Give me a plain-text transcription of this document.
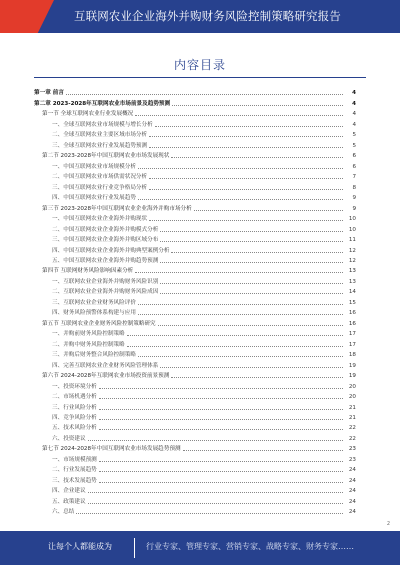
互联网农业企业海外并购财务风险控制策略研究报告
内容目录
第一章 前言	4
第二章 2023-2028年互联网农业市场前景及趋势预测	4
第一节 全球互联网农业行业发展概况	4
一、全球互联网农业市场规模与增长分析	4
二、全球互联网农业主要区域市场分析	5
三、全球互联网农业行业发展趋势预测	5
第二节 2023-2028年中国互联网农业市场发展现状	6
一、中国互联网农业市场规模分析	6
二、中国互联网农业市场供需状况分析	7
三、中国互联网农业行业竞争格局分析	8
四、中国互联网农业行业发展趋势	9
第三节 2023-2028年中国互联网农业企业海外并购市场分析	9
一、中国互联网农业企业海外并购现状	10
二、中国互联网农业企业海外并购模式分析	10
三、中国互联网农业企业海外并购区域分布	11
四、中国互联网农业企业海外并购典型案例分析	12
五、中国互联网农业企业海外并购趋势预测	12
第四节 互联网财务风险影响因素分析	13
一、互联网农业企业海外并购财务风险识别	13
二、互联网农业企业海外并购财务风险成因	14
三、互联网农业企业财务风险评价	15
四、财务风险预警体系构建与应用	16
第五节 互联网农业企业财务风险控制策略研究	16
一、并购前财务风险控制策略	17
二、并购中财务风险控制策略	17
三、并购后财务整合风险控制策略	18
四、完善互联网农业企业财务风险管理体系	19
第六节 2024-2028年互联网农业市场投资前景预测	19
一、投资环境分析	20
二、市场机遇分析	20
三、行业风险分析	21
四、竞争风险分析	21
五、技术风险分析	22
六、投资建议	22
第七节 2024-2028年中国互联网农业市场发展趋势预测	23
一、市场规模预测	23
二、行业发展趋势	24
三、技术发展趋势	24
四、企业建议	24
五、政策建议	24
六、总结	24
2
让每个人都能成为	行业专家、管理专家、营销专家、战略专家、财务专家……
